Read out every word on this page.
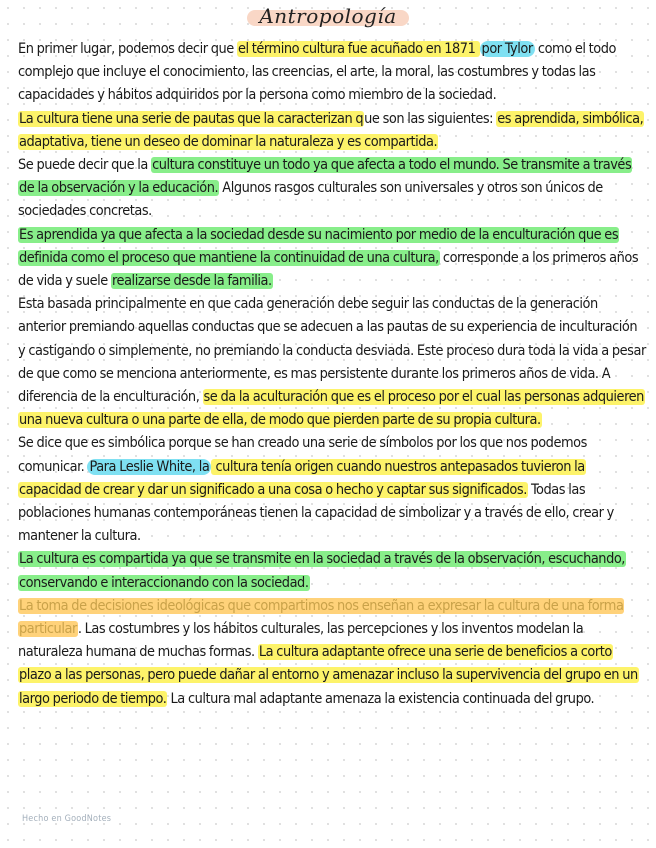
Antropología

En primer lugar, podemos decir que el término cultura fue acuñado en 1871 por Tylor como el todo complejo que incluye el conocimiento, las creencias, el arte, la moral, las costumbres y todas las capacidades y hábitos adquiridos por la persona como miembro de la sociedad.

La cultura tiene una serie de pautas que la caracterizan que son las siguientes: es aprendida, simbólica, adaptativa, tiene un deseo de dominar la naturaleza y es compartida.

Se puede decir que la cultura constituye un todo ya que afecta a todo el mundo. Se transmite a través de la observación y la educación. Algunos rasgos culturales son universales y otros son únicos de sociedades concretas.

Es aprendida ya que afecta a la sociedad desde su nacimiento por medio de la enculturación que es definida como el proceso que mantiene la continuidad de una cultura, corresponde a los primeros años de vida y suele realizarse desde la familia.

Esta basada principalmente en que cada generación debe seguir las conductas de la generación anterior premiando aquellas conductas que se adecuen a las pautas de su experiencia de inculturación y castigando o simplemente, no premiando la conducta desviada. Este proceso dura toda la vida a pesar de que como se menciona anteriormente, es mas persistente durante los primeros años de vida. A diferencia de la enculturación, se da la aculturación que es el proceso por el cual las personas adquieren una nueva cultura o una parte de ella, de modo que pierden parte de su propia cultura.

Se dice que es simbólica porque se han creado una serie de símbolos por los que nos podemos comunicar. Para Leslie White, la cultura tenía origen cuando nuestros antepasados tuvieron la capacidad de crear y dar un significado a una cosa o hecho y captar sus significados. Todas las poblaciones humanas contemporáneas tienen la capacidad de simbolizar y a través de ello, crear y mantener la cultura.

La cultura es compartida ya que se transmite en la sociedad a través de la observación, escuchando, conservando e interaccionando con la sociedad.

La toma de decisiones ideológicas que compartimos nos enseñan a expresar la cultura de una forma particular. Las costumbres y los hábitos culturales, las percepciones y los inventos modelan la naturaleza humana de muchas formas. La cultura adaptante ofrece una serie de beneficios a corto plazo a las personas, pero puede dañar al entorno y amenazar incluso la supervivencia del grupo en un largo periodo de tiempo. La cultura mal adaptante amenaza la existencia continuada del grupo.

Hecho en GoodNotes
